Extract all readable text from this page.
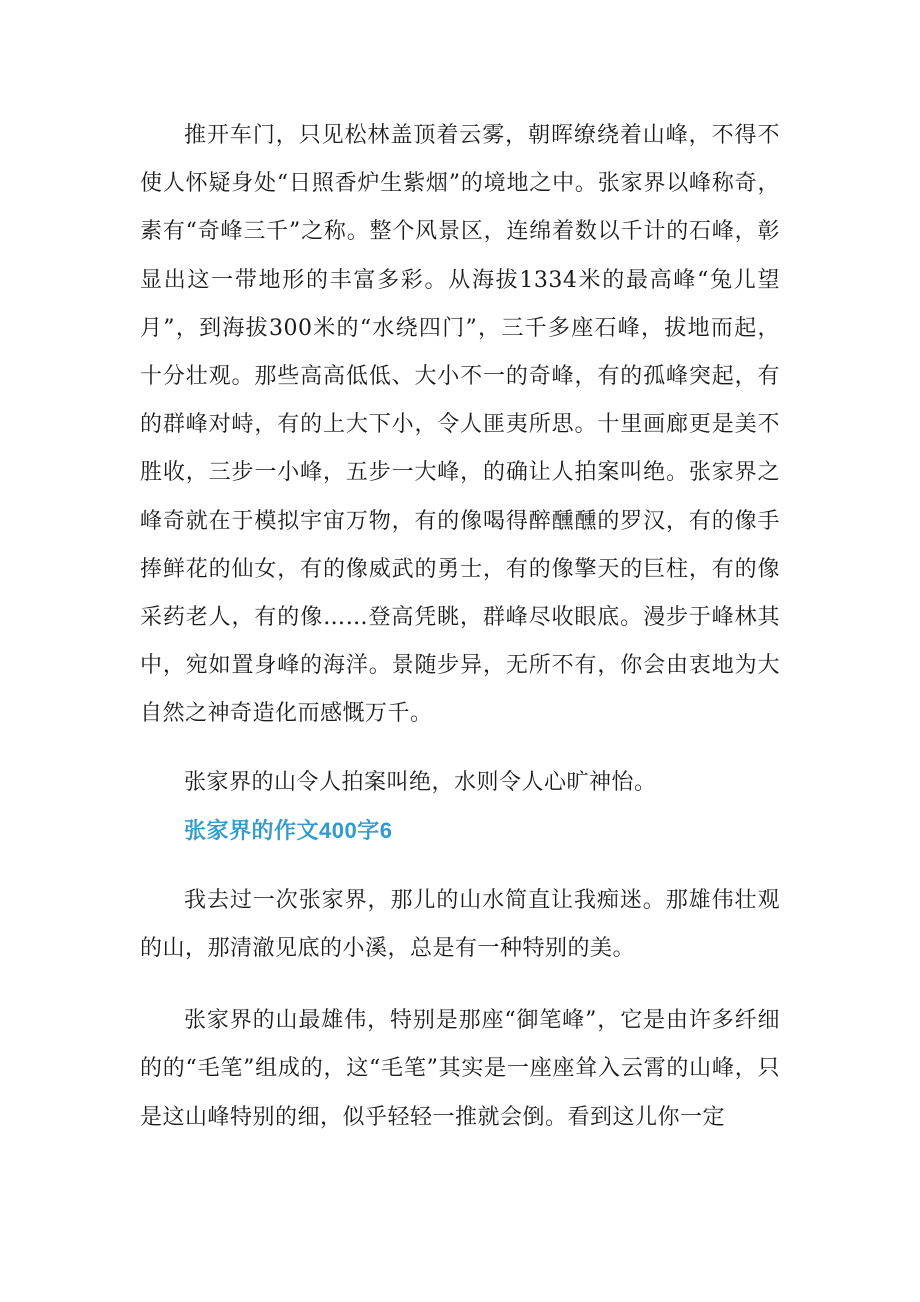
推开车门，只见松林盖顶着云雾，朝晖缭绕着山峰，不得不使人怀疑身处“日照香炉生紫烟”的境地之中。张家界以峰称奇，素有“奇峰三千”之称。整个风景区，连绵着数以千计的石峰，彰显出这一带地形的丰富多彩。从海拔1334米的最高峰“兔儿望月”，到海拔300米的“水绕四门”，三千多座石峰，拔地而起，十分壮观。那些高高低低、大小不一的奇峰，有的孤峰突起，有的群峰对峙，有的上大下小，令人匪夷所思。十里画廊更是美不胜收，三步一小峰，五步一大峰，的确让人拍案叫绝。张家界之峰奇就在于模拟宇宙万物，有的像喝得醉醺醺的罗汉，有的像手捧鲜花的仙女，有的像威武的勇士，有的像擎天的巨柱，有的像采药老人，有的像……登高凭眺，群峰尽收眼底。漫步于峰林其中，宛如置身峰的海洋。景随步异，无所不有，你会由衷地为大自然之神奇造化而感慨万千。

张家界的山令人拍案叫绝，水则令人心旷神怡。

张家界的作文400字6

我去过一次张家界，那儿的山水简直让我痴迷。那雄伟壮观的山，那清澈见底的小溪，总是有一种特别的美。

张家界的山最雄伟，特别是那座“御笔峰”，它是由许多纤细的的“毛笔”组成的，这“毛笔”其实是一座座耸入云霄的山峰，只是这山峰特别的细，似乎轻轻一推就会倒。看到这儿你一定
